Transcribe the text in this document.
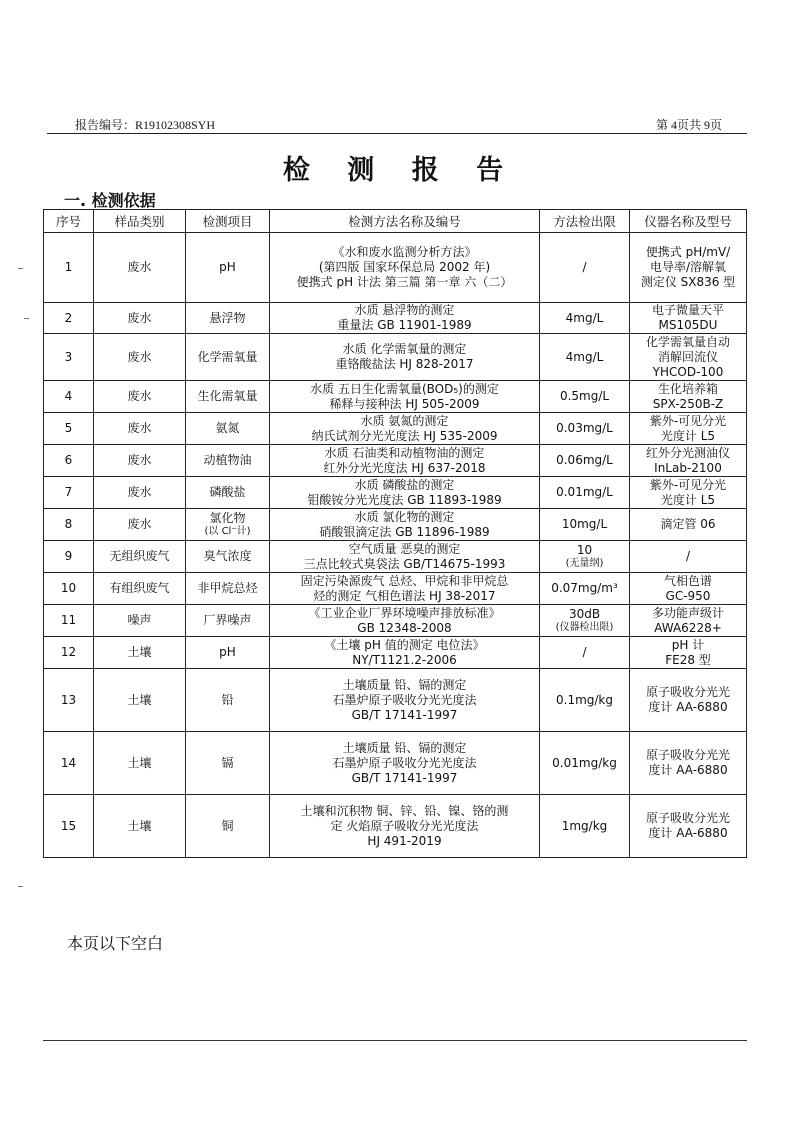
报告编号：R19102308SYH	第 4页共 9页
检 测 报 告
一. 检测依据
序号	样品类别	检测项目	检测方法名称及编号	方法检出限	仪器名称及型号
1	废水	pH	《水和废水监测分析方法》
(第四版 国家环保总局 2002 年)
便携式 pH 计法 第三篇 第一章 六（二）	/	便携式 pH/mV/
电导率/溶解氧
测定仪 SX836 型

2	废水	悬浮物	水质 悬浮物的测定
重量法 GB 11901-1989	4mg/L	电子微量天平
MS105DU

3	废水	化学需氧量	水质 化学需氧量的测定
重铬酸盐法 HJ 828-2017	4mg/L	化学需氧量自动
消解回流仪
YHCOD-100

4	废水	生化需氧量	水质 五日生化需氧量(BOD₅)的测定
稀释与接种法 HJ 505-2009	0.5mg/L	生化培养箱
SPX-250B-Z

5	废水	氨氮	水质 氨氮的测定
纳氏试剂分光光度法 HJ 535-2009	0.03mg/L	紫外-可见分光
光度计 L5

6	废水	动植物油	水质 石油类和动植物油的测定
红外分光光度法 HJ 637-2018	0.06mg/L	红外分光测油仪
InLab-2100

7	废水	磷酸盐	水质 磷酸盐的测定
钼酸铵分光光度法 GB 11893-1989	0.01mg/L	紫外-可见分光
光度计 L5

8	废水	氯化物
(以 Cl⁻计)	水质 氯化物的测定
硝酸银滴定法 GB 11896-1989	10mg/L	滴定管 06

9	无组织废气	臭气浓度	空气质量 恶臭的测定
三点比较式臭袋法 GB/T14675-1993	10
(无量纲)	/

10	有组织废气	非甲烷总烃	固定污染源废气 总烃、甲烷和非甲烷总
烃的测定 气相色谱法 HJ 38-2017	0.07mg/m³	气相色谱
GC-950

11	噪声	厂界噪声	《工业企业厂界环境噪声排放标准》
GB 12348-2008	30dB
(仪器检出限)	多功能声级计
AWA6228+

12	土壤	pH	《土壤 pH 值的测定 电位法》
NY/T1121.2-2006	/	pH 计
FE28 型

13	土壤	铅	土壤质量 铅、镉的测定
石墨炉原子吸收分光光度法
GB/T 17141-1997	0.1mg/kg	原子吸收分光光
度计 AA-6880

14	土壤	镉	土壤质量 铅、镉的测定
石墨炉原子吸收分光光度法
GB/T 17141-1997	0.01mg/kg	原子吸收分光光
度计 AA-6880

15	土壤	铜	土壤和沉积物 铜、锌、铅、镍、铬的测
定 火焰原子吸收分光光度法
HJ 491-2019	1mg/kg	原子吸收分光光
度计 AA-6880
本页以下空白
